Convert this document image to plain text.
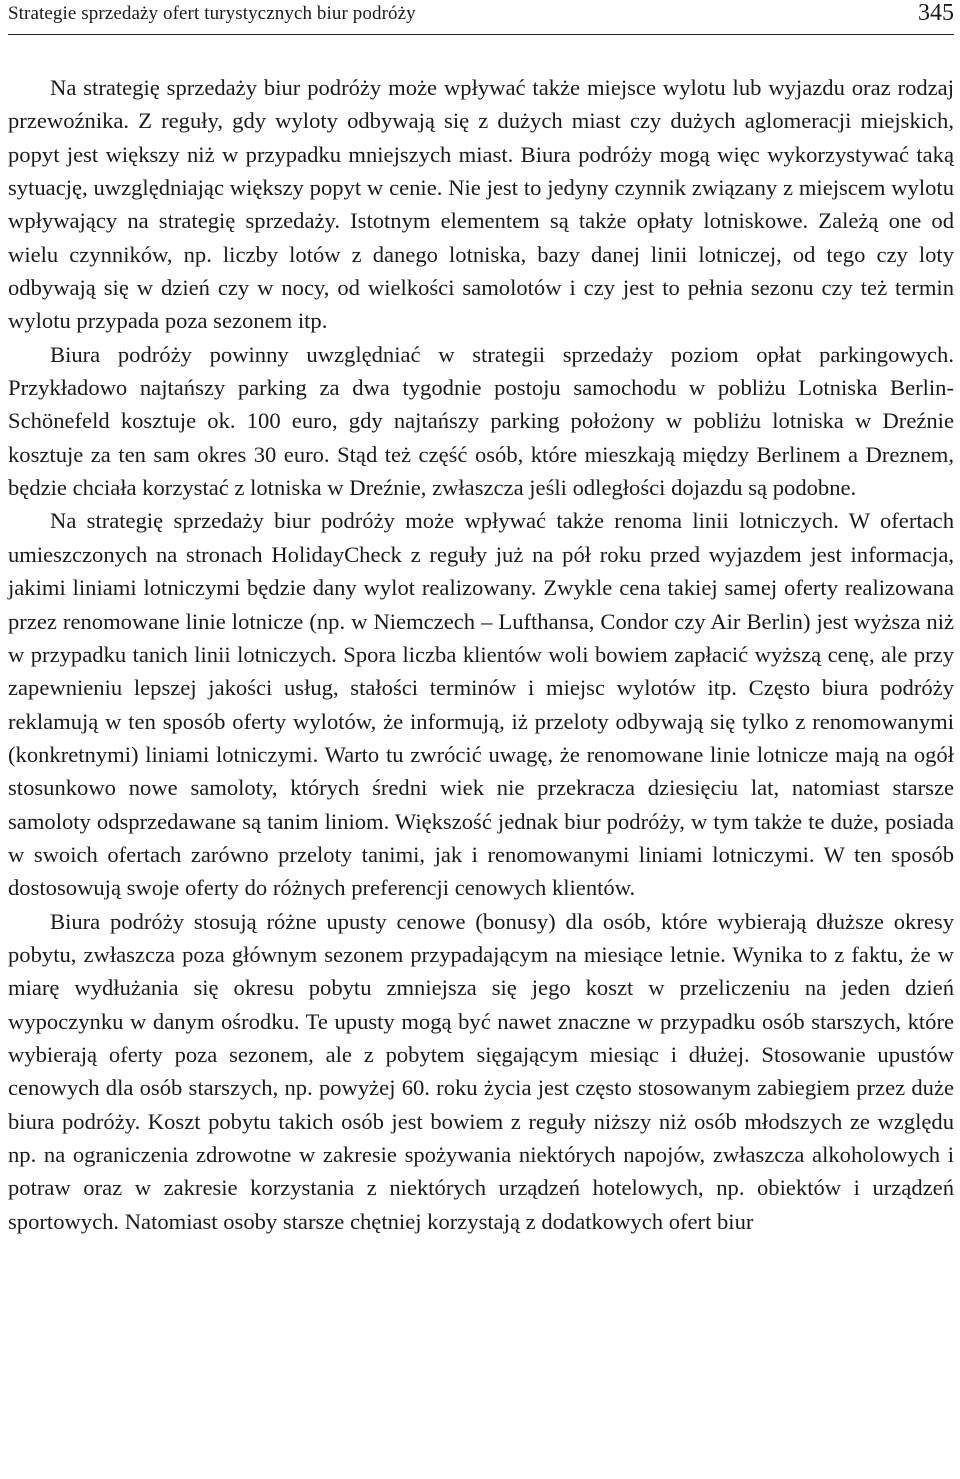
Strategie sprzedaży ofert turystycznych biur podróży	345

Na strategię sprzedaży biur podróży może wpływać także miejsce wylotu lub wyjazdu oraz rodzaj przewoźnika. Z reguły, gdy wyloty odbywają się z dużych miast czy dużych aglomeracji miejskich, popyt jest większy niż w przypadku mniejszych miast. Biura podróży mogą więc wykorzystywać taką sytuację, uwzględniając większy popyt w cenie. Nie jest to jedyny czynnik związany z miejscem wylotu wpływający na strategię sprzedaży. Istotnym elementem są także opłaty lotniskowe. Zależą one od wielu czynników, np. liczby lotów z danego lotniska, bazy danej linii lotniczej, od tego czy loty odbywają się w dzień czy w nocy, od wielkości samolotów i czy jest to pełnia sezonu czy też termin wylotu przypada poza sezonem itp.

Biura podróży powinny uwzględniać w strategii sprzedaży poziom opłat parkingowych. Przykładowo najtańszy parking za dwa tygodnie postoju samochodu w pobliżu Lotniska Berlin-Schönefeld kosztuje ok. 100 euro, gdy najtańszy parking położony w pobliżu lotniska w Dreźnie kosztuje za ten sam okres 30 euro. Stąd też część osób, które mieszkają między Berlinem a Dreznem, będzie chciała korzystać z lotniska w Dreźnie, zwłaszcza jeśli odległości dojazdu są podobne.

Na strategię sprzedaży biur podróży może wpływać także renoma linii lotniczych. W ofertach umieszczonych na stronach HolidayCheck z reguły już na pół roku przed wyjazdem jest informacja, jakimi liniami lotniczymi będzie dany wylot realizowany. Zwykle cena takiej samej oferty realizowana przez renomowane linie lotnicze (np. w Niemczech – Lufthansa, Condor czy Air Berlin) jest wyższa niż w przypadku tanich linii lotniczych. Spora liczba klientów woli bowiem zapłacić wyższą cenę, ale przy zapewnieniu lepszej jakości usług, stałości terminów i miejsc wylotów itp. Często biura podróży reklamują w ten sposób oferty wylotów, że informują, iż przeloty odbywają się tylko z renomowanymi (konkretnymi) liniami lotniczymi. Warto tu zwrócić uwagę, że renomowane linie lotnicze mają na ogół stosunkowo nowe samoloty, których średni wiek nie przekracza dziesięciu lat, natomiast starsze samoloty odsprzedawane są tanim liniom. Większość jednak biur podróży, w tym także te duże, posiada w swoich ofertach zarówno przeloty tanimi, jak i renomowanymi liniami lotniczymi. W ten sposób dostosowują swoje oferty do różnych preferencji cenowych klientów.

Biura podróży stosują różne upusty cenowe (bonusy) dla osób, które wybierają dłuższe okresy pobytu, zwłaszcza poza głównym sezonem przypadającym na miesiące letnie. Wynika to z faktu, że w miarę wydłużania się okresu pobytu zmniejsza się jego koszt w przeliczeniu na jeden dzień wypoczynku w danym ośrodku. Te upusty mogą być nawet znaczne w przypadku osób starszych, które wybierają oferty poza sezonem, ale z pobytem sięgającym miesiąc i dłużej. Stosowanie upustów cenowych dla osób starszych, np. powyżej 60. roku życia jest często stosowanym zabiegiem przez duże biura podróży. Koszt pobytu takich osób jest bowiem z reguły niższy niż osób młodszych ze względu np. na ograniczenia zdrowotne w zakresie spożywania niektórych napojów, zwłaszcza alkoholowych i potraw oraz w zakresie korzystania z niektórych urządzeń hotelowych, np. obiektów i urządzeń sportowych. Natomiast osoby starsze chętniej korzystają z dodatkowych ofert biur
